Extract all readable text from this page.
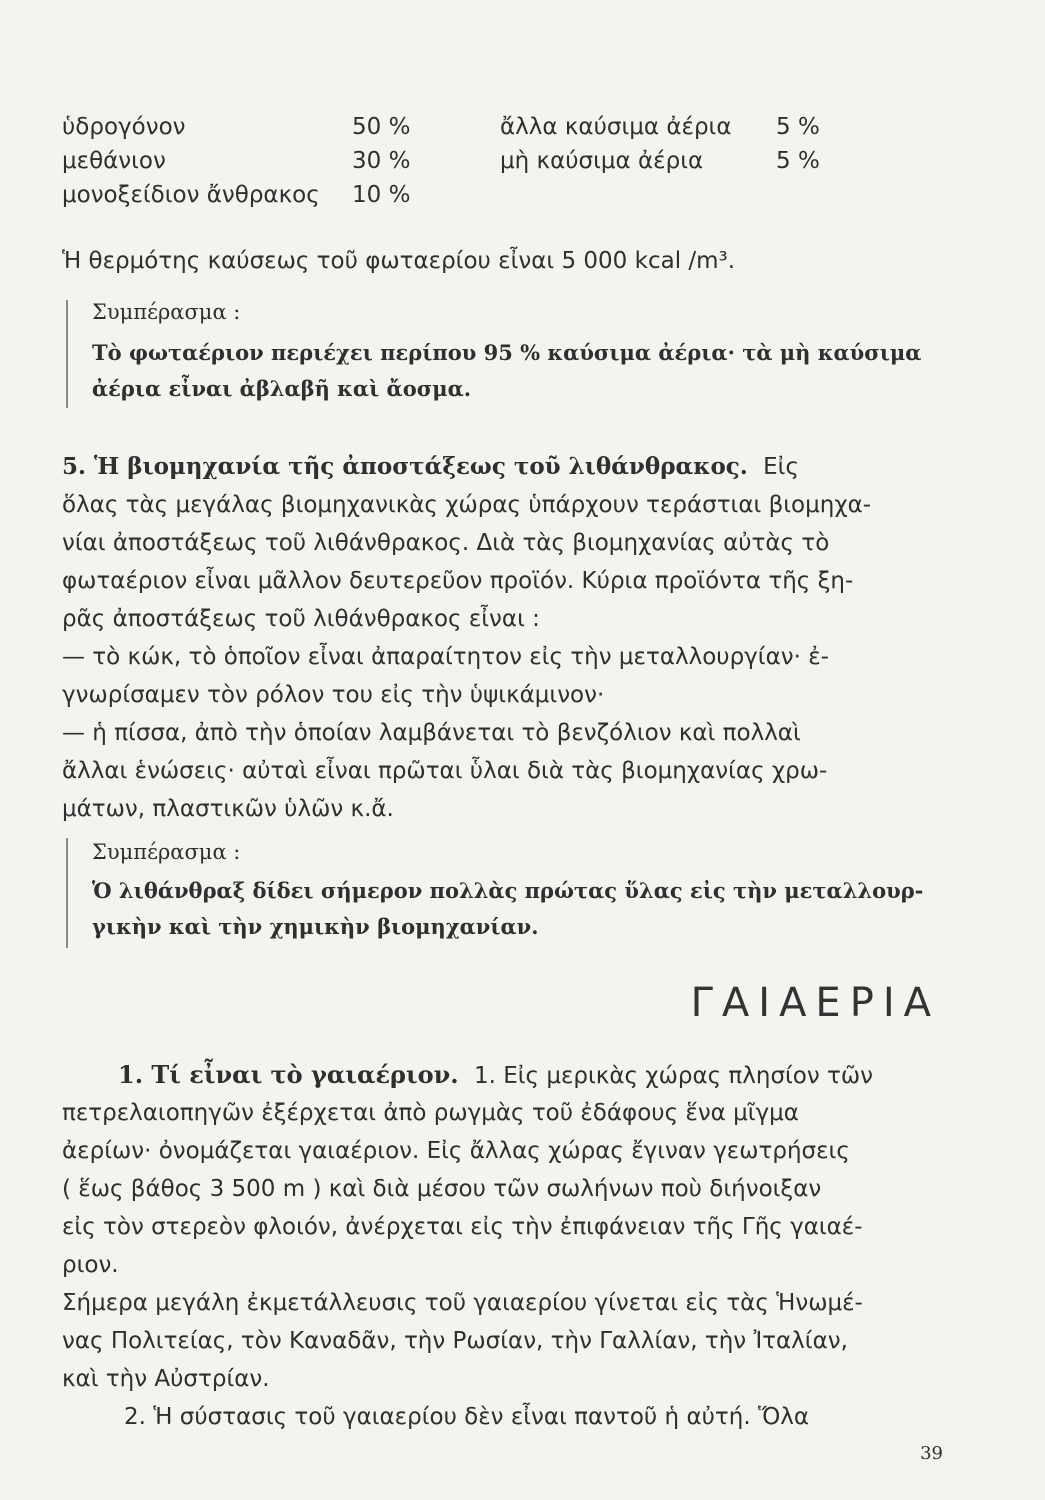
ὑδρογόνον	50 %	ἄλλα καύσιμα ἀέρια 5 %
μεθάνιον	30 %	μὴ καύσιμα ἀέρια	5 %
μονοξείδιον ἄνθρακος 10 %
Ἡ θερμότης καύσεως τοῦ φωταερίου εἶναι 5 000 kcal /m³.
Συμπέρασμα :
Τὸ φωταέριον περιέχει περίπου 95 % καύσιμα ἀέρια· τὰ μὴ καύσιμα
ἀέρια εἶναι ἀβλαβῆ καὶ ἄοσμα.
5. Ἡ βιομηχανία τῆς ἀποστάξεως τοῦ λιθάνθρακος. Εἰς
ὅλας τὰς μεγάλας βιομηχανικὰς χώρας ὑπάρχουν τεράστιαι βιομηχα-
νίαι ἀποστάξεως τοῦ λιθάνθρακος. Διὰ τὰς βιομηχανίας αὐτὰς τὸ
φωταέριον εἶναι μᾶλλον δευτερεῦον προϊόν. Κύρια προϊόντα τῆς ξη-
ρᾶς ἀποστάξεως τοῦ λιθάνθρακος εἶναι :
— τὸ κώκ, τὸ ὁποῖον εἶναι ἀπαραίτητον εἰς τὴν μεταλλουργίαν· ἐ-
γνωρίσαμεν τὸν ρόλον του εἰς τὴν ὑψικάμινον·
— ἡ πίσσα, ἀπὸ τὴν ὁποίαν λαμβάνεται τὸ βενζόλιον καὶ πολλαὶ
ἄλλαι ἑνώσεις· αὐταὶ εἶναι πρῶται ὗλαι διὰ τὰς βιομηχανίας χρω-
μάτων, πλαστικῶν ὑλῶν κ.ἄ.
Συμπέρασμα :
Ὁ λιθάνθραξ δίδει σήμερον πολλὰς πρώτας ὕλας εἰς τὴν μεταλλουρ-
γικὴν καὶ τὴν χημικὴν βιομηχανίαν.
ΓΑΙΑΕΡΙΑ
1. Τί εἶναι τὸ γαιαέριον. 1. Εἰς μερικὰς χώρας πλησίον τῶν
πετρελαιοπηγῶν ἐξέρχεται ἀπὸ ρωγμὰς τοῦ ἐδάφους ἕνα μῖγμα
ἀερίων· ὀνομάζεται γαιαέριον. Εἰς ἄλλας χώρας ἔγιναν γεωτρήσεις
( ἕως βάθος 3 500 m ) καὶ διὰ μέσου τῶν σωλήνων ποὺ διήνοιξαν
εἰς τὸν στερεὸν φλοιόν, ἀνέρχεται εἰς τὴν ἐπιφάνειαν τῆς Γῆς γαιαέ-
ριον.
Σήμερα μεγάλη ἐκμετάλλευσις τοῦ γαιαερίου γίνεται εἰς τὰς Ἡνωμέ-
νας Πολιτείας, τὸν Καναδᾶν, τὴν Ρωσίαν, τὴν Γαλλίαν, τὴν Ἰταλίαν,
καὶ τὴν Αὐστρίαν.
2. Ἡ σύστασις τοῦ γαιαερίου δὲν εἶναι παντοῦ ἡ αὐτή. Ὅλα
39
